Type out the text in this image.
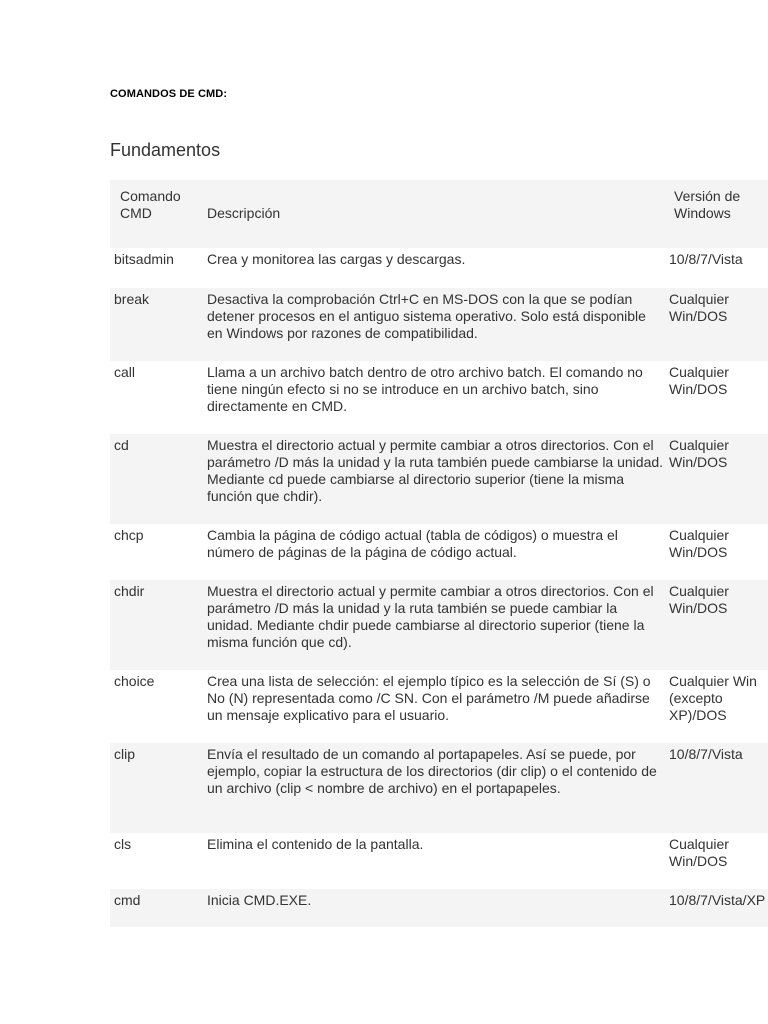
COMANDOS DE CMD:
Fundamentos
Comando CMD	Descripción	Versión de Windows

bitsadmin	Crea y monitorea las cargas y descargas.	10/8/7/Vista

break	Desactiva la comprobación Ctrl+C en MS-DOS con la que se podían detener procesos en el antiguo sistema operativo. Solo está disponible en Windows por razones de compatibilidad.	Cualquier Win/DOS

call	Llama a un archivo batch dentro de otro archivo batch. El comando no tiene ningún efecto si no se introduce en un archivo batch, sino directamente en CMD.	Cualquier Win/DOS

cd	Muestra el directorio actual y permite cambiar a otros directorios. Con el parámetro /D más la unidad y la ruta también puede cambiarse la unidad. Mediante cd puede cambiarse al directorio superior (tiene la misma función que chdir).	Cualquier Win/DOS

chcp	Cambia la página de código actual (tabla de códigos) o muestra el número de páginas de la página de código actual.	Cualquier Win/DOS

chdir	Muestra el directorio actual y permite cambiar a otros directorios. Con el parámetro /D más la unidad y la ruta también se puede cambiar la unidad. Mediante chdir puede cambiarse al directorio superior (tiene la misma función que cd).	Cualquier Win/DOS

choice	Crea una lista de selección: el ejemplo típico es la selección de Sí (S) o No (N) representada como /C SN. Con el parámetro /M puede añadirse un mensaje explicativo para el usuario.	Cualquier Win (excepto XP)/DOS

clip	Envía el resultado de un comando al portapapeles. Así se puede, por ejemplo, copiar la estructura de los directorios (dir clip) o el contenido de un archivo (clip < nombre de archivo) en el portapapeles.	10/8/7/Vista

cls	Elimina el contenido de la pantalla.	Cualquier Win/DOS

cmd	Inicia CMD.EXE.	10/8/7/Vista/XP
